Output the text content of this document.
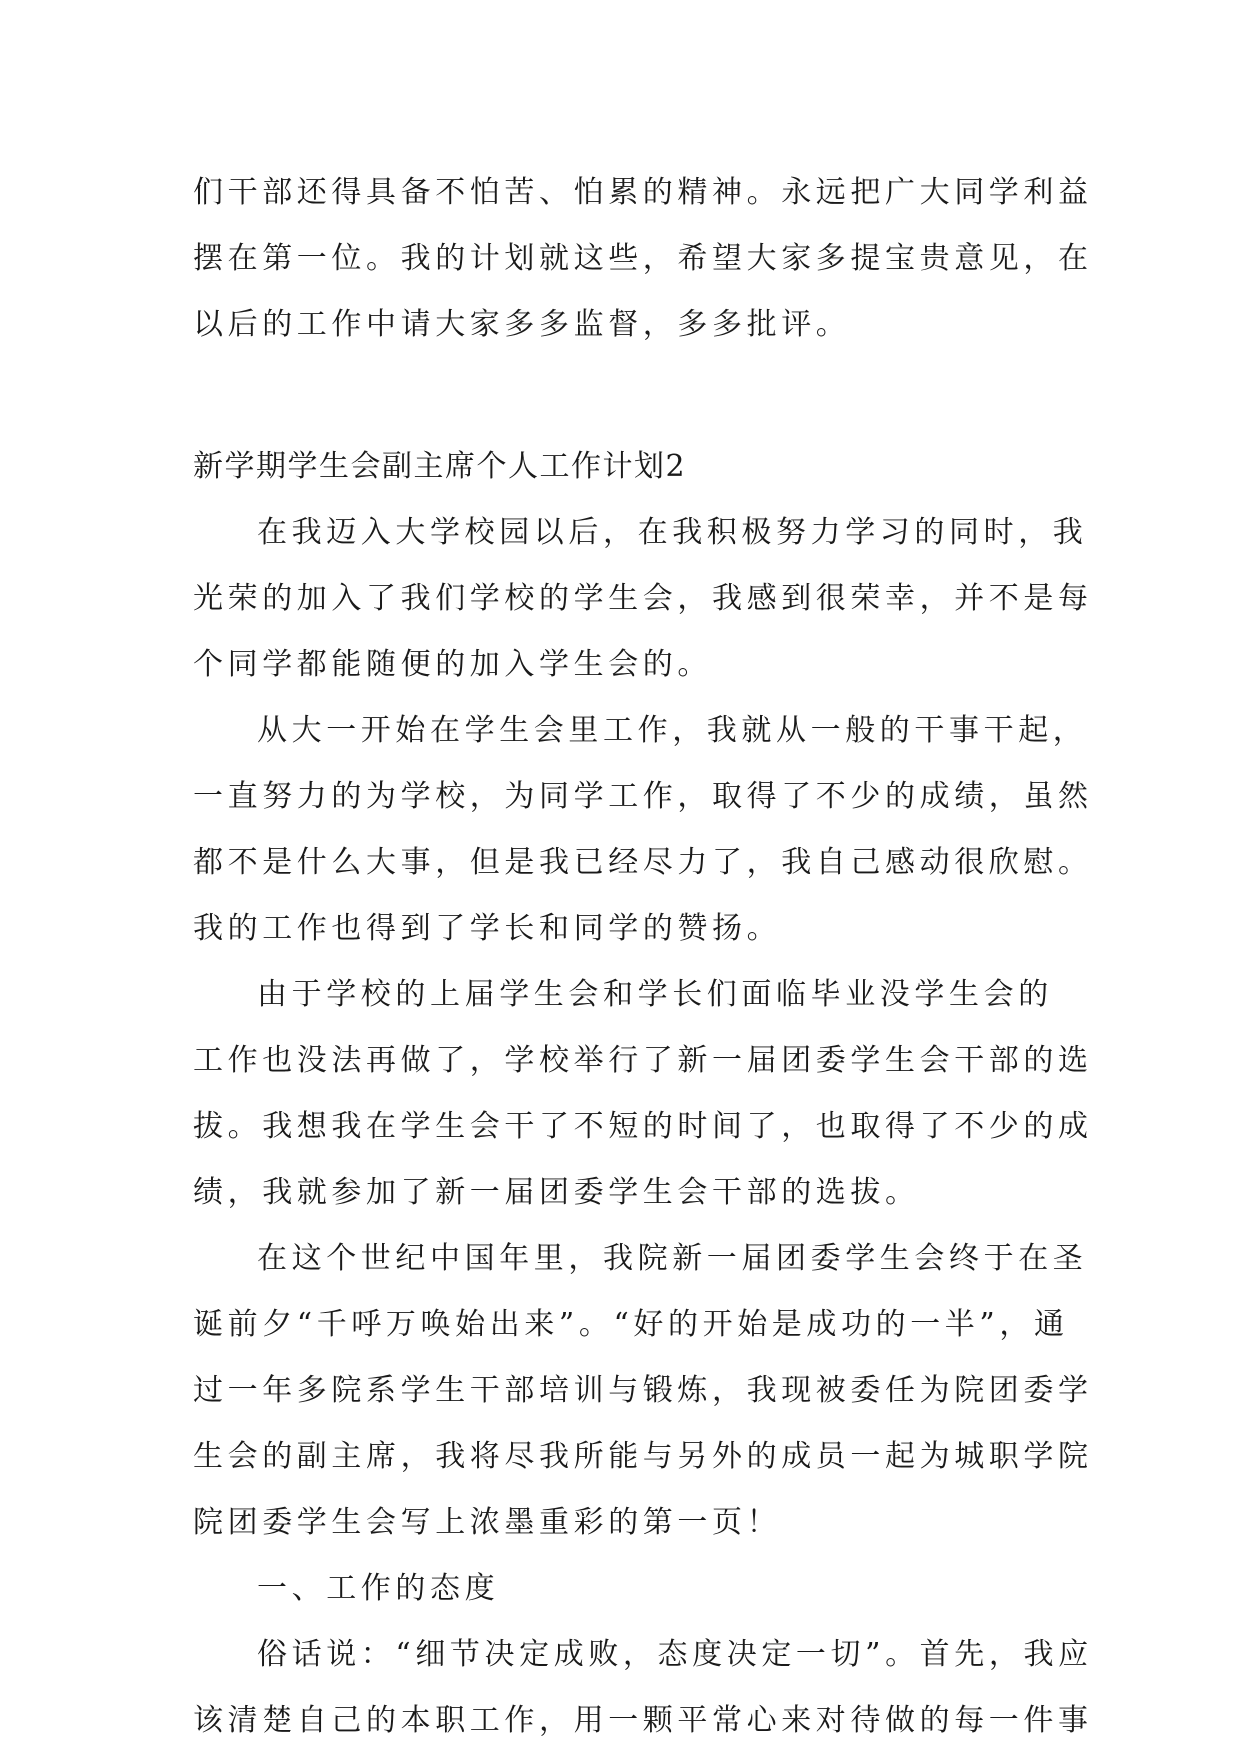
们干部还得具备不怕苦、怕累的精神。永远把广大同学利益
摆在第一位。我的计划就这些，希望大家多提宝贵意见，在
以后的工作中请大家多多监督，多多批评。
新学期学生会副主席个人工作计划2
在我迈入大学校园以后，在我积极努力学习的同时，我
光荣的加入了我们学校的学生会，我感到很荣幸，并不是每
个同学都能随便的加入学生会的。
从大一开始在学生会里工作，我就从一般的干事干起，
一直努力的为学校，为同学工作，取得了不少的成绩，虽然
都不是什么大事，但是我已经尽力了，我自己感动很欣慰。
我的工作也得到了学长和同学的赞扬。
由于学校的上届学生会和学长们面临毕业没学生会的
工作也没法再做了，学校举行了新一届团委学生会干部的选
拔。我想我在学生会干了不短的时间了，也取得了不少的成
绩，我就参加了新一届团委学生会干部的选拔。
在这个世纪中国年里，我院新一届团委学生会终于在圣
诞前夕“千呼万唤始出来”。“好的开始是成功的一半”，通
过一年多院系学生干部培训与锻炼，我现被委任为院团委学
生会的副主席，我将尽我所能与另外的成员一起为城职学院
院团委学生会写上浓墨重彩的第一页！
一、工作的态度
俗话说：“细节决定成败，态度决定一切”。首先，我应
该清楚自己的本职工作，用一颗平常心来对待做的每一件事
